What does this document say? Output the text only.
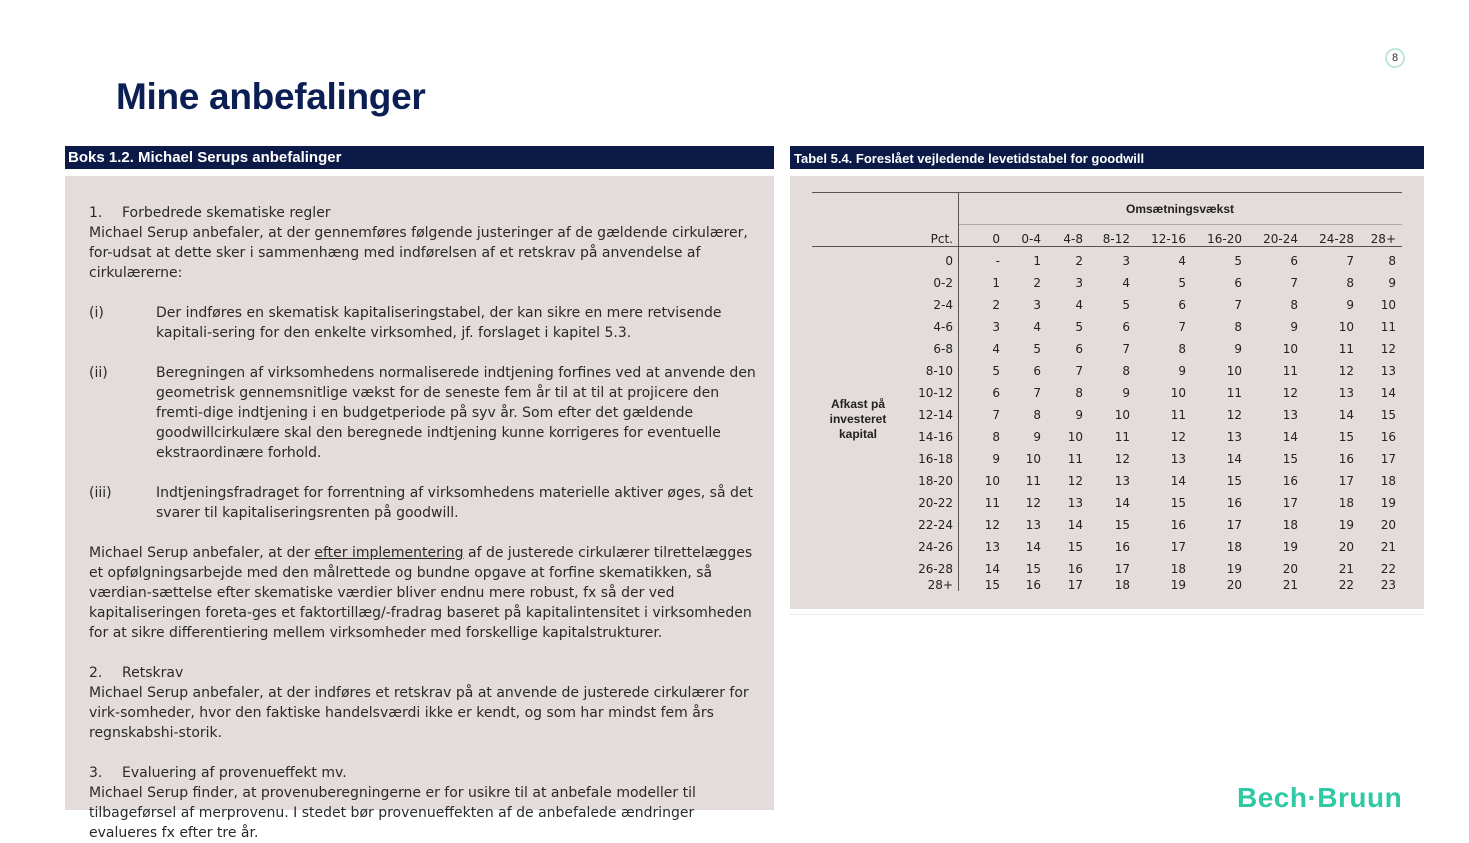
Mine anbefalinger
8
Boks 1.2. Michael Serups anbefalinger

1. Forbedrede skematiske regler

Michael Serup anbefaler, at der gennemføres følgende justeringer af de gældende cirkulærer, for-udsat at dette sker i sammenhæng med indførelsen af et retskrav på anvendelse af cirkulærerne:

(i)	Der indføres en skematisk kapitaliseringstabel, der kan sikre en mere retvisende kapitali-sering for den enkelte virksomhed, jf. forslaget i kapitel 5.3.
(ii)	Beregningen af virksomhedens normaliserede indtjening forfines ved at anvende den geometrisk gennemsnitlige vækst for de seneste fem år til at til at projicere den fremti-dige indtjening i en budgetperiode på syv år. Som efter det gældende goodwillcirkulære skal den beregnede indtjening kunne korrigeres for eventuelle ekstraordinære forhold.
(iii)	Indtjeningsfradraget for forrentning af virksomhedens materielle aktiver øges, så det svarer til kapitaliseringsrenten på goodwill.

Michael Serup anbefaler, at der efter implementering af de justerede cirkulærer tilrettelægges et opfølgningsarbejde med den målrettede og bundne opgave at forfine skematikken, så værdian-sættelse efter skematiske værdier bliver endnu mere robust, fx så der ved kapitaliseringen foreta-ges et faktortillæg/-fradrag baseret på kapitalintensitet i virksomheden for at sikre differentiering mellem virksomheder med forskellige kapitalstrukturer.

2. Retskrav

Michael Serup anbefaler, at der indføres et retskrav på at anvende de justerede cirkulærer for virk-somheder, hvor den faktiske handelsværdi ikke er kendt, og som har mindst fem års regnskabshi-storik.

3. Evaluering af provenueffekt mv.

Michael Serup finder, at provenuberegningerne er for usikre til at anbefale modeller til tilbageførsel af merprovenu. I stedet bør provenueffekten af de anbefalede ændringer evalueres fx efter tre år.

Tabel 5.4. Foreslået vejledende levetidstabel for goodwill
Omsætningsvækst
Pct.
Afkast på
investeret
kapital
0	0-4	4-8	8-12	12-16	16-20	20-24	24-28	28+
0	-	1	2	3	4	5	6	7	8
0-2	1	2	3	4	5	6	7	8	9
2-4	2	3	4	5	6	7	8	9	10
4-6	3	4	5	6	7	8	9	10	11
6-8	4	5	6	7	8	9	10	11	12
8-10	5	6	7	8	9	10	11	12	13
10-12	6	7	8	9	10	11	12	13	14
12-14	7	8	9	10	11	12	13	14	15
14-16	8	9	10	11	12	13	14	15	16
16-18	9	10	11	12	13	14	15	16	17
18-20	10	11	12	13	14	15	16	17	18
20-22	11	12	13	14	15	16	17	18	19
22-24	12	13	14	15	16	17	18	19	20
24-26	13	14	15	16	17	18	19	20	21
26-28	14	15	16	17	18	19	20	21	22
28+	15	16	17	18	19	20	21	22	23
Bech·Bruun
